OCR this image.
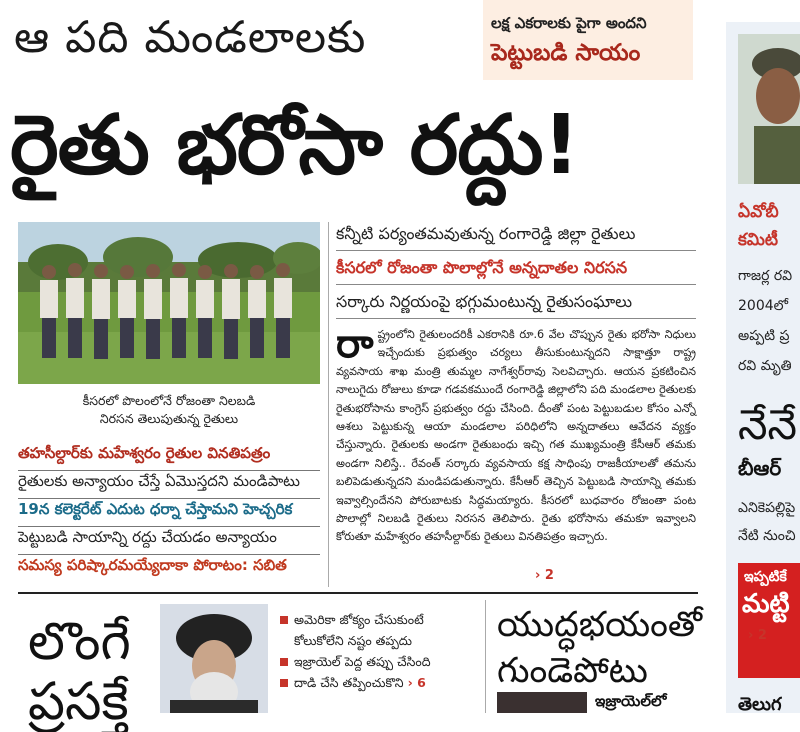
ఆ పది మండలాలకు	లక్ష ఎకరాలకు పైగా అందని
పెట్టుబడి సాయం
రైతు భరోసా రద్దు!
కీసరలో పొలంలోనే రోజంతా నిలబడి
నిరసన తెలుపుతున్న రైతులు
తహసీల్దార్‌కు మహేశ్వరం రైతుల వినతిపత్రం
రైతులకు అన్యాయం చేస్తే ఏమొస్తదని మండిపాటు
19న కలెక్టరేట్ ఎదుట ధర్నా చేస్తామని హెచ్చరిక
పెట్టుబడి సాయాన్ని రద్దు చేయడం అన్యాయం
సమస్య పరిష్కారమయ్యేదాకా పోరాటం: సబిత
కన్నీటి పర్యంతమవుతున్న రంగారెడ్డి జిల్లా రైతులు
కీసరలో రోజంతా పొలాల్లోనే అన్నదాతల నిరసన
సర్కారు నిర్ణయంపై భగ్గుమంటున్న రైతుసంఘాలు
రా ష్ట్రంలోని రైతులందరికీ ఎకరానికి రూ.6 వేల చొప్పున రైతు భరోసా నిధులు ఇచ్చేందుకు ప్రభుత్వం చర్యలు తీసుకుంటున్నదని సాక్షాత్తూ రాష్ట్ర వ్యవసాయ శాఖ మంత్రి తుమ్మల నాగేశ్వర్‌రావు సెలవిచ్చారు. ఆయన ప్రకటించిన నాలుగైదు రోజులు కూడా గడవకముందే రంగారెడ్డి జిల్లాలోని పది మండలాల రైతులకు రైతుభరోసాను కాంగ్రెస్ ప్రభుత్వం రద్దు చేసింది. దీంతో పంట పెట్టుబడుల కోసం ఎన్నో ఆశలు పెట్టుకున్న ఆయా మండలాల పరిధిలోని అన్నదాతలు ఆవేదన వ్యక్తం చేస్తున్నారు. రైతులకు అండగా రైతుబంధు ఇచ్చి గత ముఖ్యమంత్రి కేసీఆర్ తమకు అండగా నిలిస్తే.. రేవంత్ సర్కారు వ్యవసాయ కక్ష సాధింపు రాజకీయాలతో తమను బలిపెడుతున్నదని మండిపడుతున్నారు. కేసీఆర్ తెచ్చిన పెట్టుబడి సాయాన్ని తమకు ఇవ్వాల్సిందేనని పోరుబాటకు సిద్ధమయ్యారు. కీసరలో బుధవారం రోజంతా పంట పొలాల్లో నిలబడి రైతులు నిరసన తెలిపారు. రైతు భరోసాను తమకూ ఇవ్వాలని కోరుతూ మహేశ్వరం తహసీల్దార్‌కు రైతులు వినతిపత్రం ఇచ్చారు.
› 2
లొంగే
ప్రసక్తే
అమెరికా జోక్యం చేసుకుంటే
కోలుకోలేని నష్టం తప్పదు
ఇజ్రాయెల్ పెద్ద తప్పు చేసింది
దాడి చేసి తప్పించుకొని › 6
యుద్ధభయంతో
గుండెపోటు
ఇజ్రాయెల్‌లో
ఏవోబీ
కమిటీ
గాజర్ల రవి
2004లో
అప్పటి ప్ర
రవి మృతి
నేనే
బీఆర్
ఎనికెపల్లిపై
నేటి నుంచి
ఇప్పటికే
మట్టి
› 2
తెలుగ
